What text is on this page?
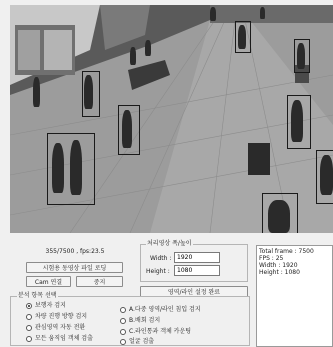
355/7500 , fps:23.5
시험용 동영상 파일 로딩
Cam 연결	중지
처리영상 폭/높이
Width :
1920
Height :
1080
영역/라인 설정 완료
Total frame : 7500
FPS : 25
Width : 1920
Height : 1080
분석 항목 선택
보행자 검지
차량 진행 방향 검지
관심영역 자동 전환
모든 움직임 객체 검출
A.다중 영역/라인 침입 검지
B.배회 검지
C.라인통과 객체 카운팅
얼굴 검출
